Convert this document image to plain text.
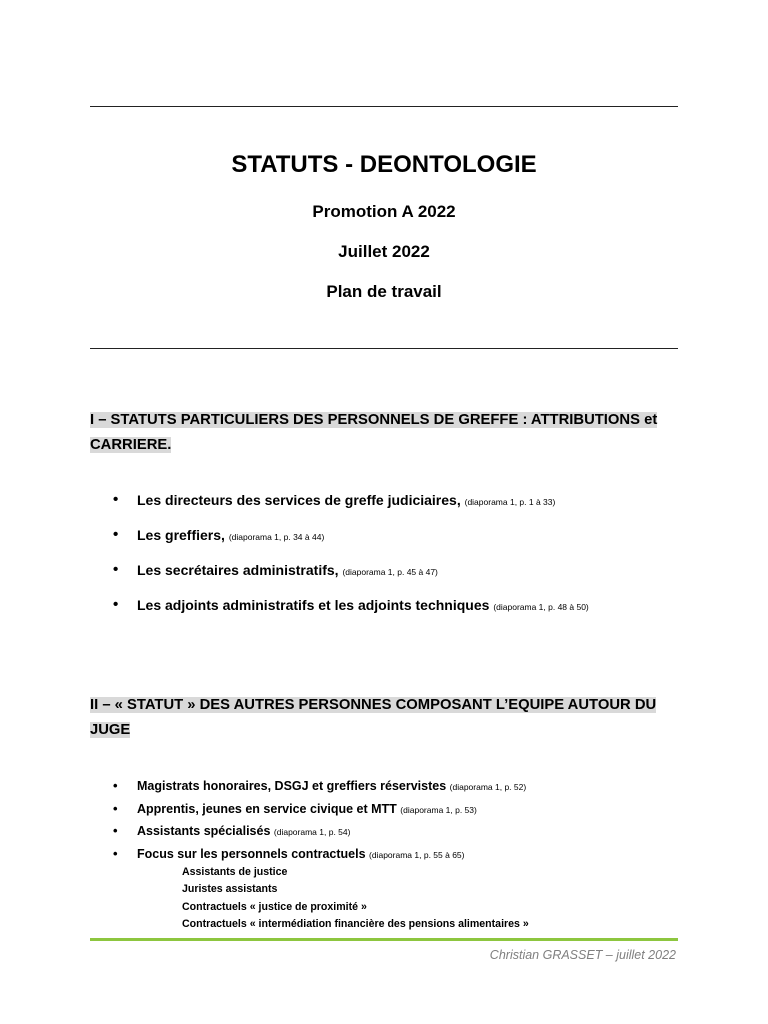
STATUTS - DEONTOLOGIE
Promotion A 2022
Juillet 2022
Plan de travail
I – STATUTS PARTICULIERS DES PERSONNELS DE GREFFE : ATTRIBUTIONS et CARRIERE.
• Les directeurs des services de greffe judiciaires, (diaporama 1, p. 1 à 33)
• Les greffiers, (diaporama 1, p. 34 à 44)
• Les secrétaires administratifs, (diaporama 1, p. 45 à 47)
• Les adjoints administratifs et les adjoints techniques (diaporama 1, p. 48 à 50)
II – « STATUT » DES AUTRES PERSONNES COMPOSANT L’EQUIPE AUTOUR DU JUGE
• Magistrats honoraires, DSGJ et greffiers réservistes (diaporama 1, p. 52)
• Apprentis, jeunes en service civique et MTT (diaporama 1, p. 53)
• Assistants spécialisés (diaporama 1, p. 54)
• Focus sur les personnels contractuels (diaporama 1, p. 55 à 65)
Assistants de justice
Juristes assistants
Contractuels « justice de proximité »
Contractuels « intermédiation financière des pensions alimentaires »
Christian GRASSET – juillet 2022
